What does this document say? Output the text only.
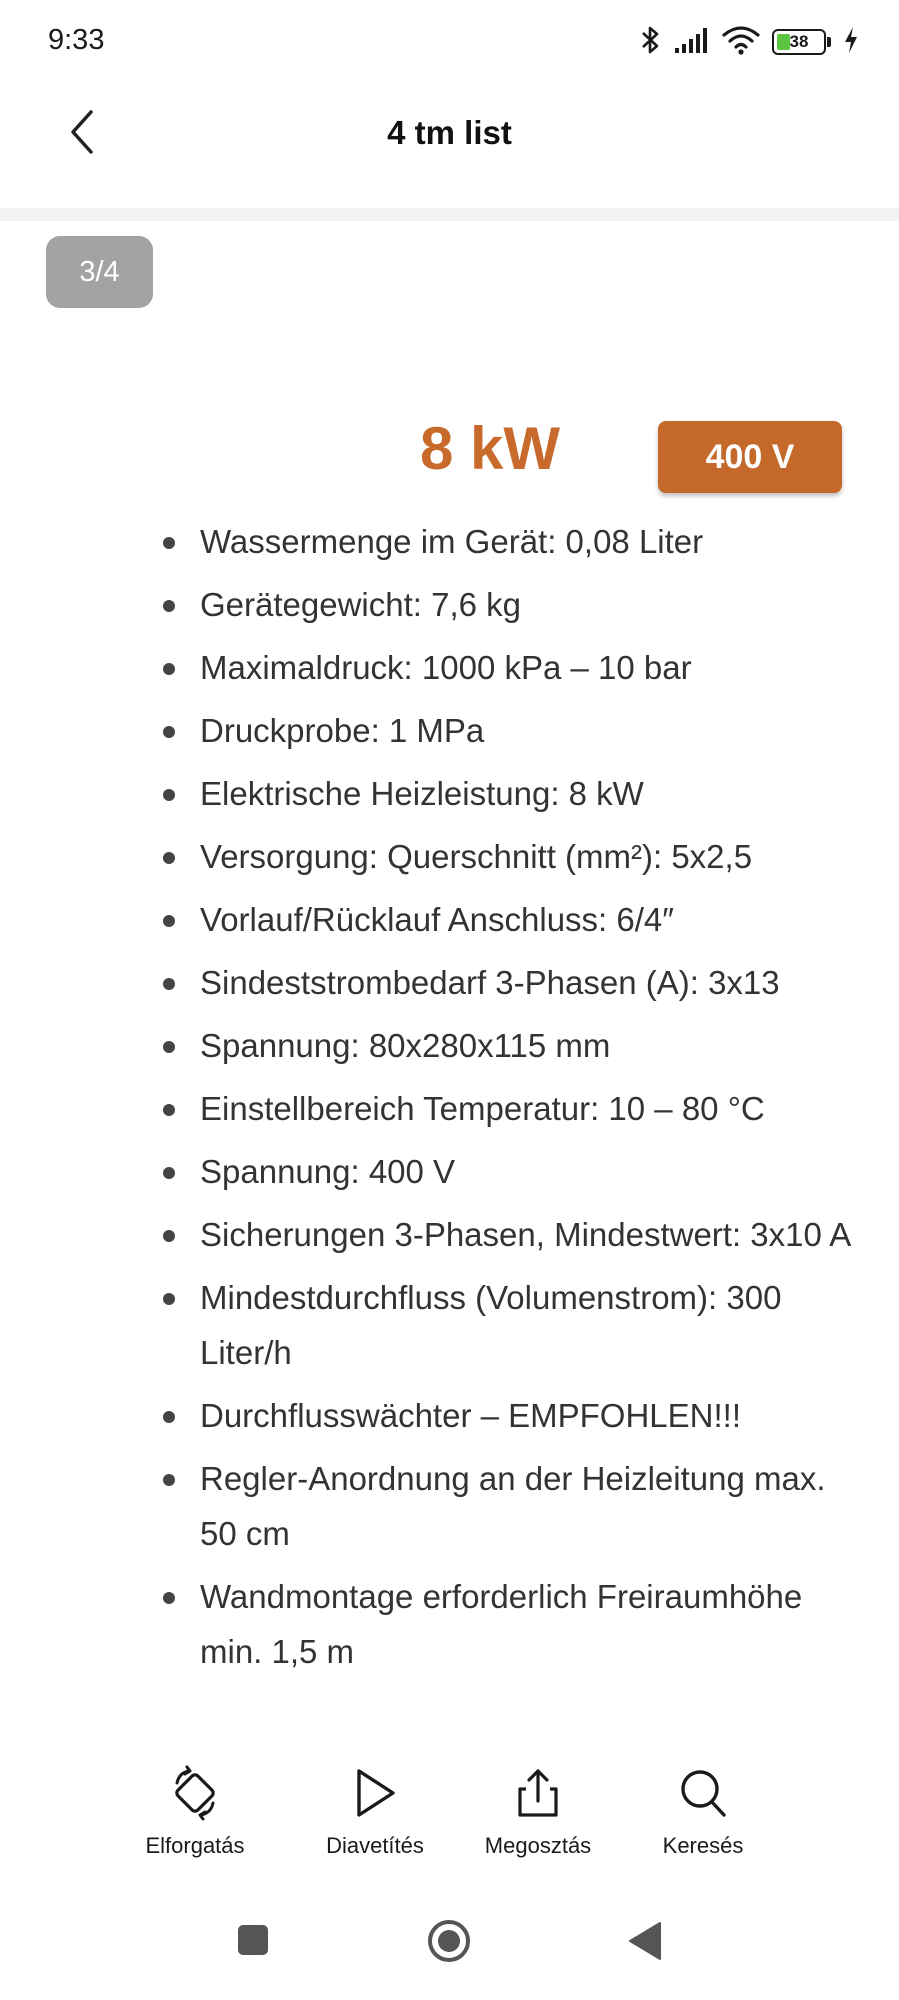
9:33	38
4 tm list
3/4
8 kW	400 V
Wassermenge im Gerät: 0,08 Liter
Gerätegewicht: 7,6 kg
Maximaldruck: 1000 kPa – 10 bar
Druckprobe: 1 MPa
Elektrische Heizleistung: 8 kW
Versorgung: Querschnitt (mm²): 5x2,5
Vorlauf/Rücklauf Anschluss: 6/4″
Sindeststrombedarf 3-Phasen (A): 3x13
Spannung: 80x280x115 mm
Einstellbereich Temperatur: 10 – 80 °C
Spannung: 400 V
Sicherungen 3-Phasen, Mindestwert: 3x10 A
Mindestdurchfluss (Volumenstrom): 300 Liter/h
Durchflusswächter – EMPFOHLEN!!!
Regler-Anordnung an der Heizleitung max. 50 cm
Wandmontage erforderlich Freiraumhöhe min. 1,5 m
Elforgatás	Diavetítés	Megosztás	Keresés
